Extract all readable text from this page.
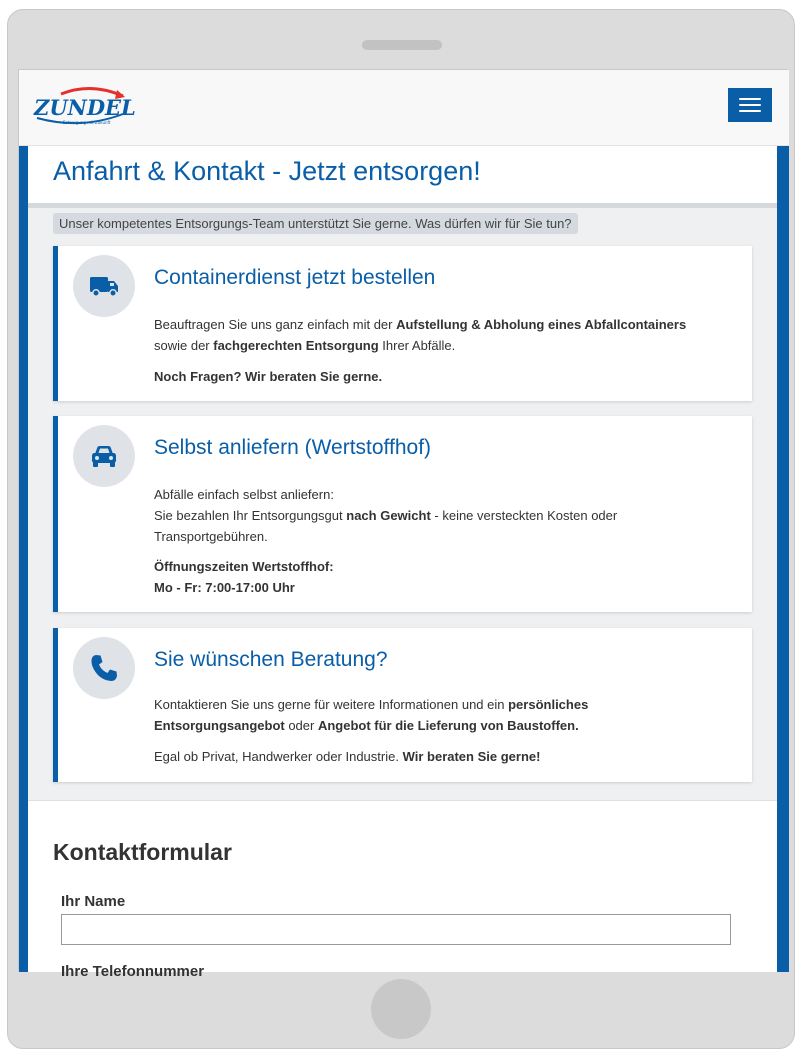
ZUNDEL
Entsorgung mit Zukunft
Anfahrt & Kontakt - Jetzt entsorgen!
Unser kompetentes Entsorgungs-Team unterstützt Sie gerne. Was dürfen wir für Sie tun?
Containerdienst jetzt bestellen
Beauftragen Sie uns ganz einfach mit der Aufstellung & Abholung eines Abfallcontainers
sowie der fachgerechten Entsorgung Ihrer Abfälle.
Noch Fragen? Wir beraten Sie gerne.
Selbst anliefern (Wertstoffhof)
Abfälle einfach selbst anliefern:
Sie bezahlen Ihr Entsorgungsgut nach Gewicht - keine versteckten Kosten oder
Transportgebühren.
Öffnungszeiten Wertstoffhof:
Mo - Fr: 7:00-17:00 Uhr
Sie wünschen Beratung?
Kontaktieren Sie uns gerne für weitere Informationen und ein persönliches
Entsorgungsangebot oder Angebot für die Lieferung von Baustoffen.
Egal ob Privat, Handwerker oder Industrie. Wir beraten Sie gerne!
Kontaktformular
Ihr Name
Ihre Telefonnummer
